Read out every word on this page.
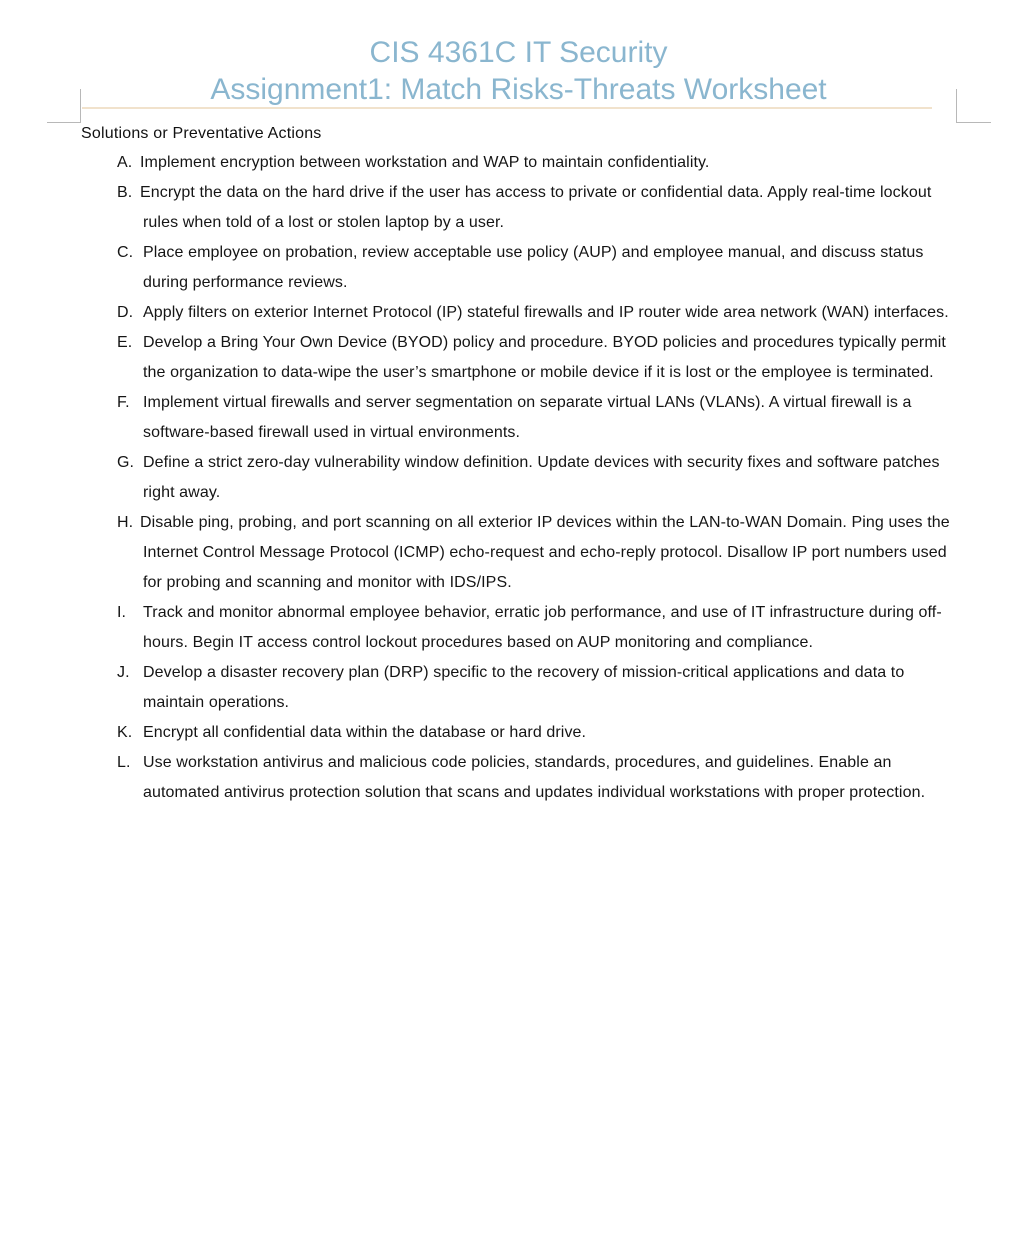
CIS 4361C IT Security
Assignment1: Match Risks-Threats Worksheet
Solutions or Preventative Actions
A. Implement encryption between workstation and WAP to maintain confidentiality.
B. Encrypt the data on the hard drive if the user has access to private or confidential data. Apply real-time lockout rules when told of a lost or stolen laptop by a user.
C. Place employee on probation, review acceptable use policy (AUP) and employee manual, and discuss status during performance reviews.
D. Apply filters on exterior Internet Protocol (IP) stateful firewalls and IP router wide area network (WAN) interfaces.
E. Develop a Bring Your Own Device (BYOD) policy and procedure. BYOD policies and procedures typically permit the organization to data-wipe the user’s smartphone or mobile device if it is lost or the employee is terminated.
F. Implement virtual firewalls and server segmentation on separate virtual LANs (VLANs). A virtual firewall is a software-based firewall used in virtual environments.
G. Define a strict zero-day vulnerability window definition. Update devices with security fixes and software patches right away.
H. Disable ping, probing, and port scanning on all exterior IP devices within the LAN-to-WAN Domain. Ping uses the Internet Control Message Protocol (ICMP) echo-request and echo-reply protocol. Disallow IP port numbers used for probing and scanning and monitor with IDS/IPS.
I. Track and monitor abnormal employee behavior, erratic job performance, and use of IT infrastructure during off-hours. Begin IT access control lockout procedures based on AUP monitoring and compliance.
J. Develop a disaster recovery plan (DRP) specific to the recovery of mission-critical applications and data to maintain operations.
K. Encrypt all confidential data within the database or hard drive.
L. Use workstation antivirus and malicious code policies, standards, procedures, and guidelines. Enable an automated antivirus protection solution that scans and updates individual workstations with proper protection.
